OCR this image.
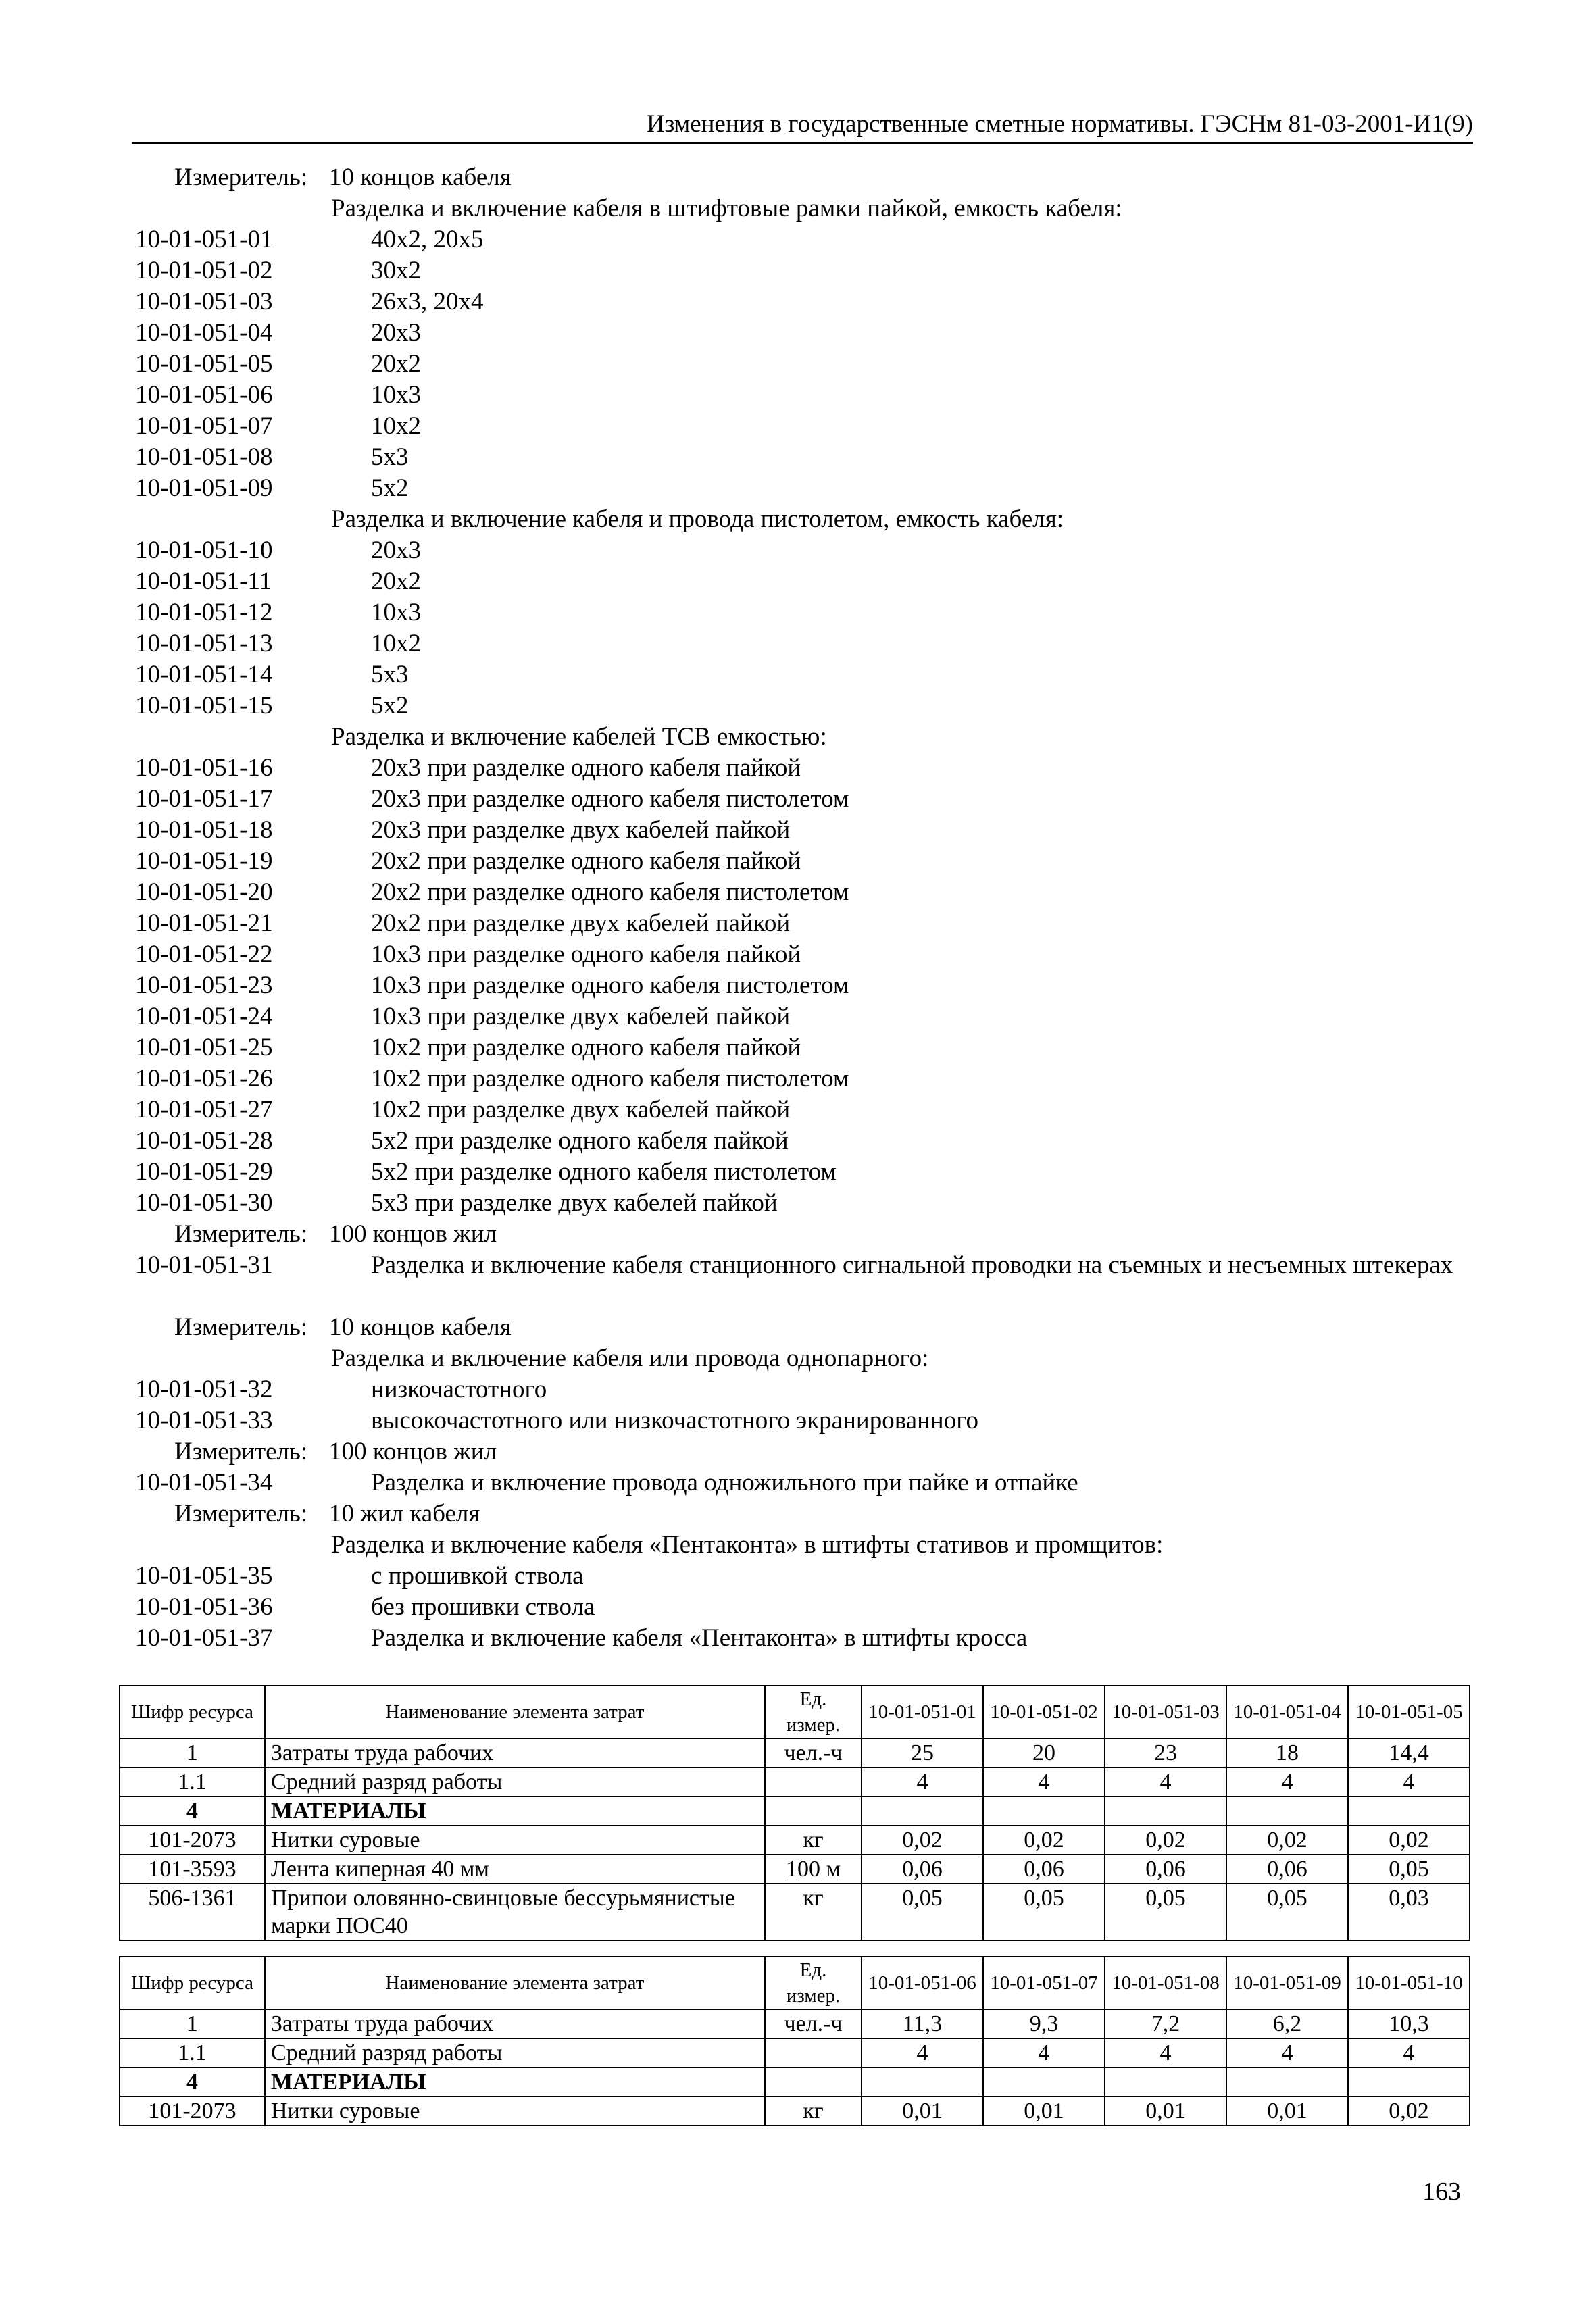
Изменения в государственные сметные нормативы. ГЭСНм 81-03-2001-И1(9)
Измеритель: 10 концов кабеля
Разделка и включение кабеля в штифтовые рамки пайкой, емкость кабеля:
10-01-051-01	40х2, 20х5
10-01-051-02	30х2
10-01-051-03	26х3, 20х4
10-01-051-04	20х3
10-01-051-05	20х2
10-01-051-06	10х3
10-01-051-07	10х2
10-01-051-08	5х3
10-01-051-09	5х2
Разделка и включение кабеля и провода пистолетом, емкость кабеля:
10-01-051-10	20х3
10-01-051-11	20х2
10-01-051-12	10х3
10-01-051-13	10х2
10-01-051-14	5х3
10-01-051-15	5х2
Разделка и включение кабелей ТСВ емкостью:
10-01-051-16	20х3 при разделке одного кабеля пайкой
10-01-051-17	20х3 при разделке одного кабеля пистолетом
10-01-051-18	20х3 при разделке двух кабелей пайкой
10-01-051-19	20х2 при разделке одного кабеля пайкой
10-01-051-20	20х2 при разделке одного кабеля пистолетом
10-01-051-21	20х2 при разделке двух кабелей пайкой
10-01-051-22	10х3 при разделке одного кабеля пайкой
10-01-051-23	10х3 при разделке одного кабеля пистолетом
10-01-051-24	10х3 при разделке двух кабелей пайкой
10-01-051-25	10х2 при разделке одного кабеля пайкой
10-01-051-26	10х2 при разделке одного кабеля пистолетом
10-01-051-27	10х2 при разделке двух кабелей пайкой
10-01-051-28	5х2 при разделке одного кабеля пайкой
10-01-051-29	5х2 при разделке одного кабеля пистолетом
10-01-051-30	5х3 при разделке двух кабелей пайкой
Измеритель: 100 концов жил
10-01-051-31	Разделка и включение кабеля станционного сигнальной проводки на съемных и несъемных штекерах
Измеритель: 10 концов кабеля
Разделка и включение кабеля или провода однопарного:
10-01-051-32	низкочастотного
10-01-051-33	высокочастотного или низкочастотного экранированного
Измеритель: 100 концов жил
10-01-051-34	Разделка и включение провода одножильного при пайке и отпайке
Измеритель: 10 жил кабеля
Разделка и включение кабеля «Пентаконта» в штифты стативов и промщитов:
10-01-051-35	с прошивкой ствола
10-01-051-36	без прошивки ствола
10-01-051-37	Разделка и включение кабеля «Пентаконта» в штифты кросса
Шифр ресурса	Наименование элемента затрат	Ед. измер.	10-01-051-01	10-01-051-02	10-01-051-03	10-01-051-04	10-01-051-05
1	Затраты труда рабочих	чел.-ч	25	20	23	18	14,4
1.1	Средний разряд работы		4	4	4	4	4
4	МАТЕРИАЛЫ						
101-2073	Нитки суровые	кг	0,02	0,02	0,02	0,02	0,02
101-3593	Лента киперная 40 мм	100 м	0,06	0,06	0,06	0,06	0,05
506-1361	Припои оловянно-свинцовые бессурьмянистые марки ПОС40	кг	0,05	0,05	0,05	0,05	0,03
Шифр ресурса	Наименование элемента затрат	Ед. измер.	10-01-051-06	10-01-051-07	10-01-051-08	10-01-051-09	10-01-051-10
1	Затраты труда рабочих	чел.-ч	11,3	9,3	7,2	6,2	10,3
1.1	Средний разряд работы		4	4	4	4	4
4	МАТЕРИАЛЫ						
101-2073	Нитки суровые	кг	0,01	0,01	0,01	0,01	0,02
163
